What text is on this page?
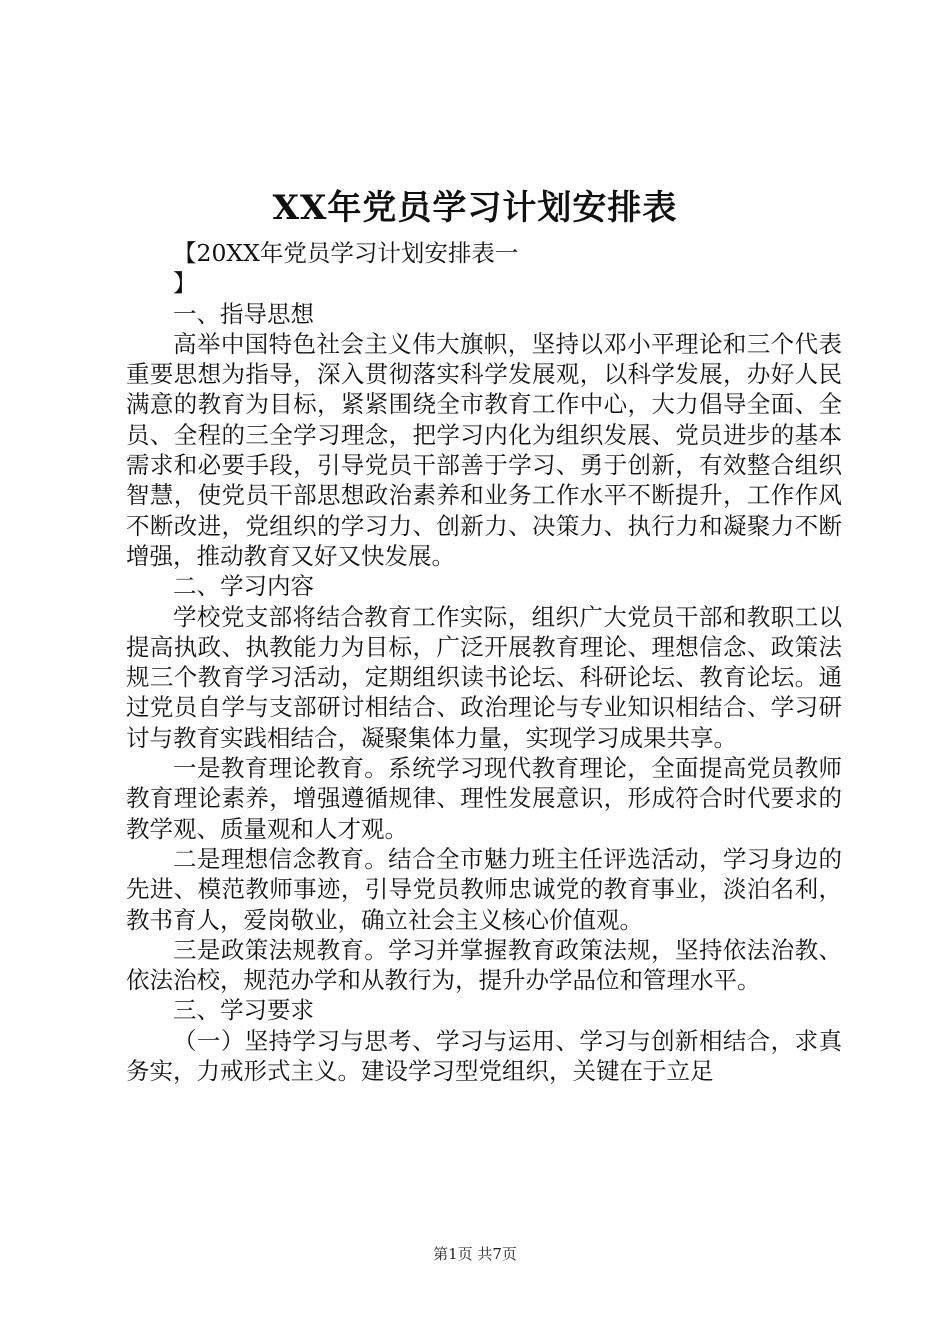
XX年党员学习计划安排表

【20XX年党员学习计划安排表一

】

一、指导思想

高举中国特色社会主义伟大旗帜，坚持以邓小平理论和三个代表重要思想为指导，深入贯彻落实科学发展观，以科学发展，办好人民满意的教育为目标，紧紧围绕全市教育工作中心，大力倡导全面、全员、全程的三全学习理念，把学习内化为组织发展、党员进步的基本需求和必要手段，引导党员干部善于学习、勇于创新，有效整合组织智慧，使党员干部思想政治素养和业务工作水平不断提升，工作作风不断改进，党组织的学习力、创新力、决策力、执行力和凝聚力不断增强，推动教育又好又快发展。

二、学习内容

学校党支部将结合教育工作实际，组织广大党员干部和教职工以提高执政、执教能力为目标，广泛开展教育理论、理想信念、政策法规三个教育学习活动，定期组织读书论坛、科研论坛、教育论坛。通过党员自学与支部研讨相结合、政治理论与专业知识相结合、学习研讨与教育实践相结合，凝聚集体力量，实现学习成果共享。

一是教育理论教育。系统学习现代教育理论，全面提高党员教师教育理论素养，增强遵循规律、理性发展意识，形成符合时代要求的教学观、质量观和人才观。

二是理想信念教育。结合全市魅力班主任评选活动，学习身边的先进、模范教师事迹，引导党员教师忠诚党的教育事业，淡泊名利，教书育人，爱岗敬业，确立社会主义核心价值观。

三是政策法规教育。学习并掌握教育政策法规，坚持依法治教、依法治校，规范办学和从教行为，提升办学品位和管理水平。

三、学习要求

（一）坚持学习与思考、学习与运用、学习与创新相结合，求真务实，力戒形式主义。建设学习型党组织，关键在于立足

第1页 共7页
